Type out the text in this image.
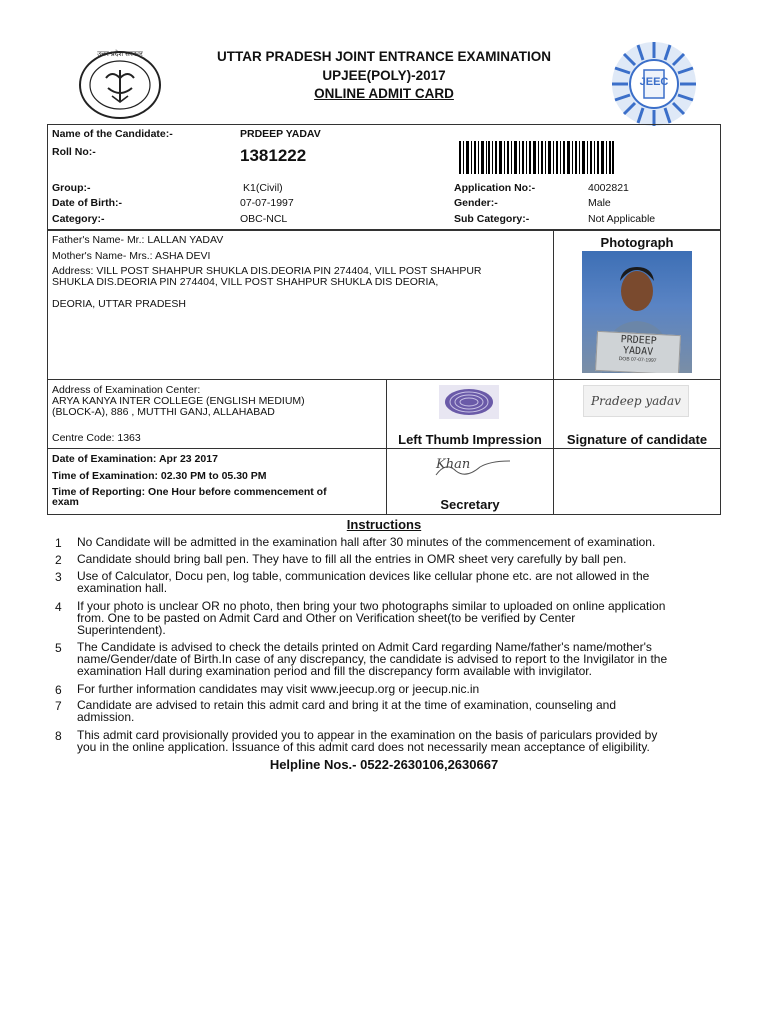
उत्तर प्रदेश सरकार
JEEC
UTTAR PRADESH JOINT ENTRANCE EXAMINATION
UPJEE(POLY)-2017
ONLINE ADMIT CARD
Name of the Candidate:-	PRDEEP YADAV
Roll No:-	1381222
Group:-	K1(Civil)
Date of Birth:-	07-07-1997
Category:-	OBC-NCL
Application No:-	4002821
Gender:-	Male
Sub Category:-	Not Applicable
Father's Name- Mr.: LALLAN YADAV
Mother's Name- Mrs.: ASHA DEVI
Address: VILL POST SHAHPUR SHUKLA DIS.DEORIA PIN 274404, VILL POST SHAHPUR
SHUKLA DIS.DEORIA PIN 274404, VILL POST SHAHPUR SHUKLA DIS DEORIA,
DEORIA, UTTAR PRADESH
Photograph
PRDEEP
YADAV
DOB 07-07-1997
Address of Examination Center:
ARYA KANYA INTER COLLEGE (ENGLISH MEDIUM)
(BLOCK-A), 886 , MUTTHI GANJ, ALLAHABAD
Centre Code: 1363	Left Thumb Impression
Pradeep yadav
Signature of candidate
Date of Examination: Apr 23 2017
Time of Examination: 02.30 PM to 05.30 PM
Time of Reporting: One Hour before commencement of
exam
Khan
Secretary
Instructions
1 No Candidate will be admitted in the examination hall after 30 minutes of the commencement of examination.
2 Candidate should bring ball pen. They have to fill all the entries in OMR sheet very carefully by ball pen.
3 Use of Calculator, Docu pen, log table, communication devices like cellular phone etc. are not allowed in the
examination hall.
4 If your photo is unclear OR no photo, then bring your two photographs similar to uploaded on online application
from. One to be pasted on Admit Card and Other on Verification sheet(to be verified by Center
Superintendent).
5 The Candidate is advised to check the details printed on Admit Card regarding Name/father's name/mother's
name/Gender/date of Birth.In case of any discrepancy, the candidate is advised to report to the Invigilator in the
examination Hall during examination period and fill the discrepancy form available with invigilator.
6 For further information candidates may visit www.jeecup.org or jeecup.nic.in
7 Candidate are advised to retain this admit card and bring it at the time of examination, counseling and
admission.
8 This admit card provisionally provided you to appear in the examination on the basis of pariculars provided by
you in the online application. Issuance of this admit card does not necessarily mean acceptance of eligibility.
Helpline Nos.- 0522-2630106,2630667
